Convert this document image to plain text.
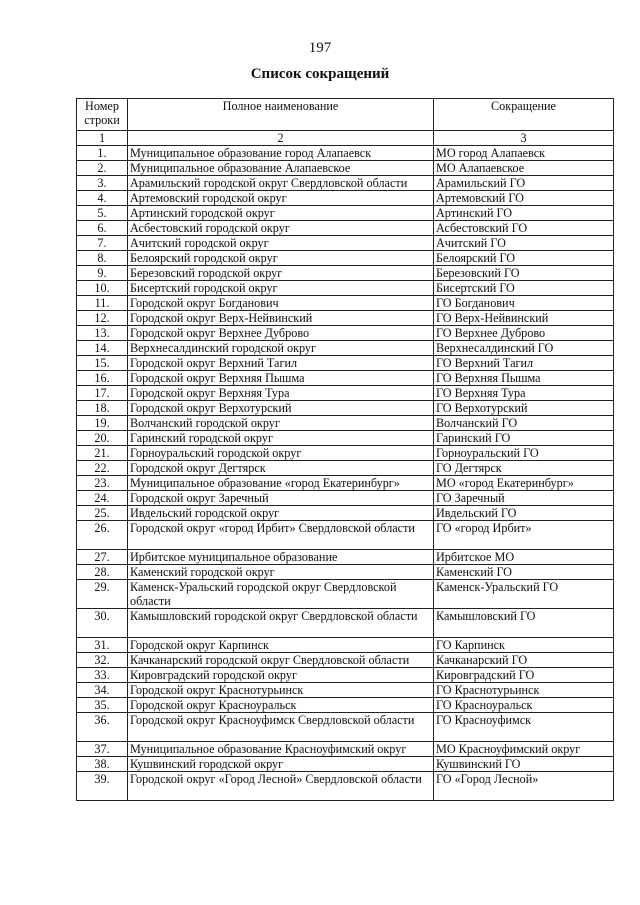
197
Список сокращений
Номер строки	Полное наименование	Сокращение
1	2	3
1.	Муниципальное образование город Алапаевск	МО город Алапаевск
2.	Муниципальное образование Алапаевское	МО Алапаевское
3.	Арамильский городской округ Свердловской области	Арамильский ГО
4.	Артемовский городской округ	Артемовский ГО
5.	Артинский городской округ	Артинский ГО
6.	Асбестовский городской округ	Асбестовский ГО
7.	Ачитский городской округ	Ачитский ГО
8.	Белоярский городской округ	Белоярский ГО
9.	Березовский городской округ	Березовский ГО
10.	Бисертский городской округ	Бисертский ГО
11.	Городской округ Богданович	ГО Богданович
12.	Городской округ Верх-Нейвинский	ГО Верх-Нейвинский
13.	Городской округ Верхнее Дуброво	ГО Верхнее Дуброво
14.	Верхнесалдинский городской округ	Верхнесалдинский ГО
15.	Городской округ Верхний Тагил	ГО Верхний Тагил
16.	Городской округ Верхняя Пышма	ГО Верхняя Пышма
17.	Городской округ Верхняя Тура	ГО Верхняя Тура
18.	Городской округ Верхотурский	ГО Верхотурский
19.	Волчанский городской округ	Волчанский ГО
20.	Гаринский городской округ	Гаринский ГО
21.	Горноуральский городской округ	Горноуральский ГО
22.	Городской округ Дегтярск	ГО Дегтярск
23.	Муниципальное образование «город Екатеринбург»	МО «город Екатеринбург»
24.	Городской округ Заречный	ГО Заречный
25.	Ивдельский городской округ	Ивдельский ГО
26.	Городской округ «город Ирбит» Свердловской области	ГО «город Ирбит»
27.	Ирбитское муниципальное образование	Ирбитское МО
28.	Каменский городской округ	Каменский ГО
29.	Каменск-Уральский городской округ Свердловской области	Каменск-Уральский ГО
30.	Камышловский городской округ Свердловской области	Камышловский ГО
31.	Городской округ Карпинск	ГО Карпинск
32.	Качканарский городской округ Свердловской области	Качканарский ГО
33.	Кировградский городской округ	Кировградский ГО
34.	Городской округ Краснотурьинск	ГО Краснотурьинск
35.	Городской округ Красноуральск	ГО Красноуральск
36.	Городской округ Красноуфимск Свердловской области	ГО Красноуфимск
37.	Муниципальное образование Красноуфимский округ	МО Красноуфимский округ
38.	Кушвинский городской округ	Кушвинский ГО
39.	Городской округ «Город Лесной» Свердловской области	ГО «Город Лесной»
